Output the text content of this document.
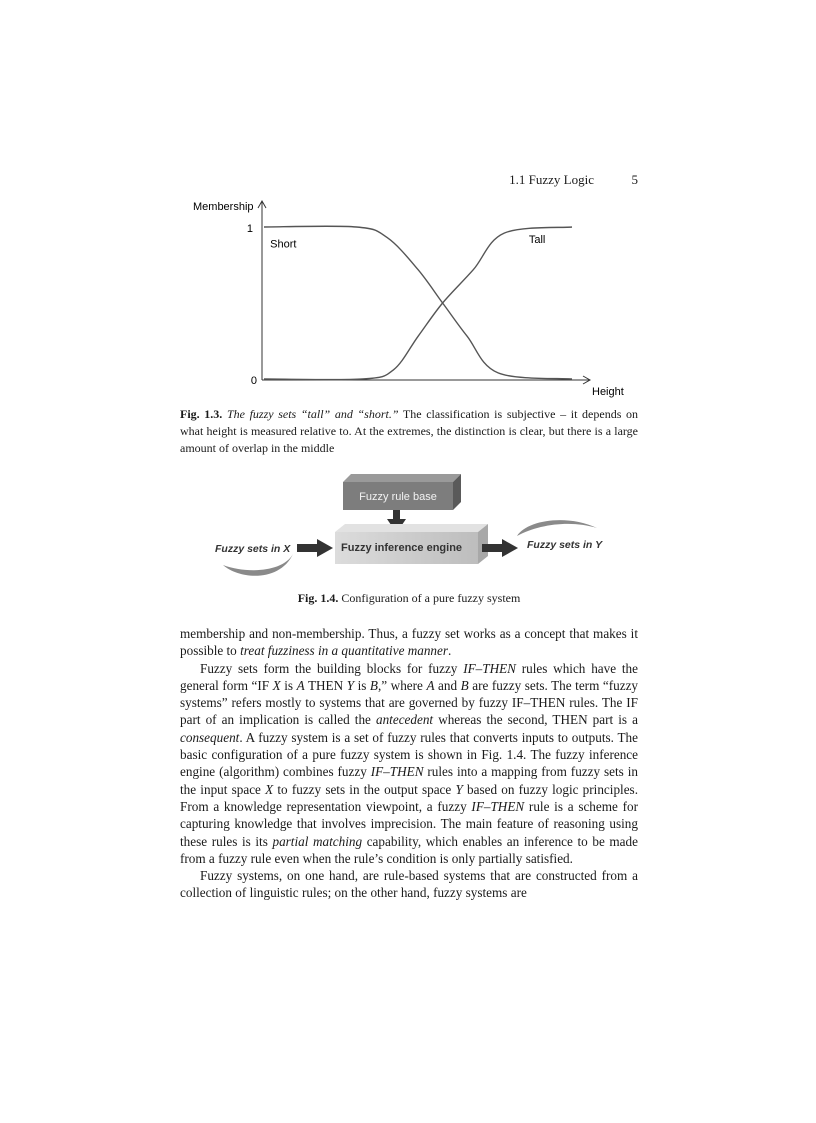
1.1 Fuzzy Logic	5
Membership
Height
1
0
Short	Tall
Fig. 1.3. The fuzzy sets “tall” and “short.” The classification is subjective – it depends on what height is measured relative to. At the extremes, the distinction is clear, but there is a large amount of overlap in the middle
Fuzzy rule base
Fuzzy inference engine
Fuzzy sets in X	Fuzzy sets in Y
Fig. 1.4. Configuration of a pure fuzzy system

membership and non-membership. Thus, a fuzzy set works as a concept that makes it possible to treat fuzziness in a quantitative manner.

Fuzzy sets form the building blocks for fuzzy IF–THEN rules which have the general form “IF X is A THEN Y is B,” where A and B are fuzzy sets. The term “fuzzy systems” refers mostly to systems that are governed by fuzzy IF–THEN rules. The IF part of an implication is called the antecedent whereas the second, THEN part is a consequent. A fuzzy system is a set of fuzzy rules that converts inputs to outputs. The basic configuration of a pure fuzzy system is shown in Fig. 1.4. The fuzzy inference engine (algorithm) combines fuzzy IF–THEN rules into a mapping from fuzzy sets in the input space X to fuzzy sets in the output space Y based on fuzzy logic principles. From a knowledge representation viewpoint, a fuzzy IF–THEN rule is a scheme for capturing knowledge that involves imprecision. The main feature of reasoning using these rules is its partial matching capability, which enables an inference to be made from a fuzzy rule even when the rule’s condition is only partially satisfied.

Fuzzy systems, on one hand, are rule-based systems that are constructed from a collection of linguistic rules; on the other hand, fuzzy systems are
